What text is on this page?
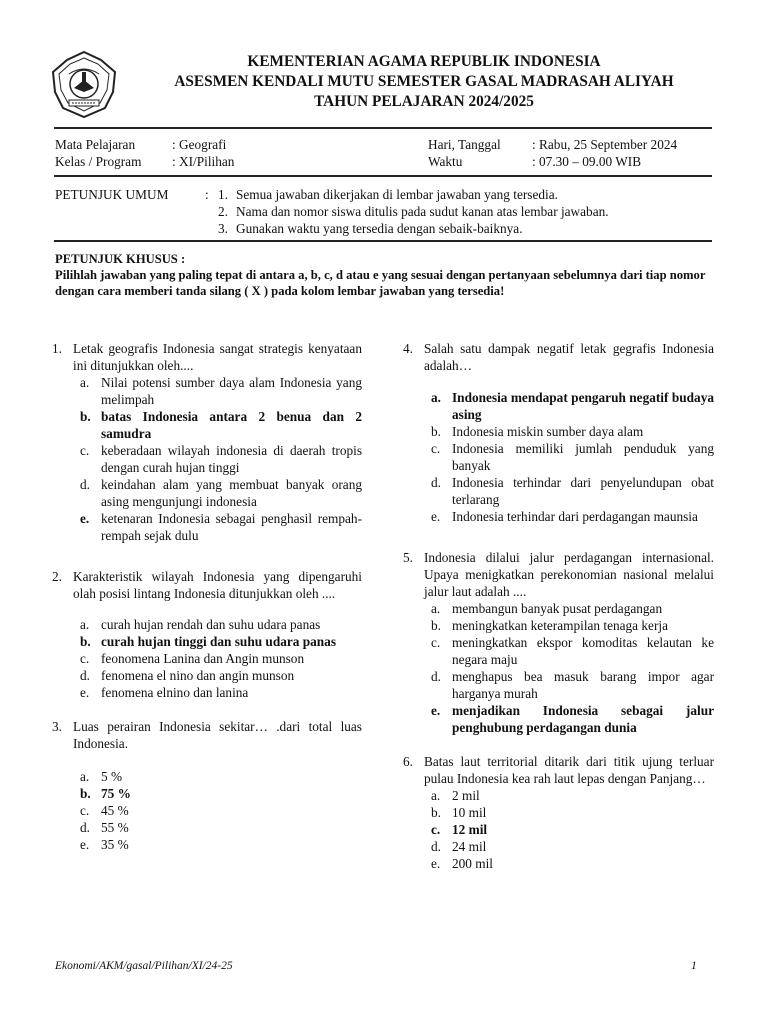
KEMENTERIAN AGAMA REPUBLIK INDONESIA
ASESMEN KENDALI MUTU SEMESTER GASAL MADRASAH ALIYAH
TAHUN PELAJARAN 2024/2025
Mata Pelajaran	: Geografi
Kelas / Program	: XI/Pilihan
Hari, Tanggal	: Rabu, 25 September 2024
Waktu	: 07.30 – 09.00 WIB
PETUNJUK UMUM	: 1. Semua jawaban dikerjakan di lembar jawaban yang tersedia.
2. Nama dan nomor siswa ditulis pada sudut kanan atas lembar jawaban.
3. Gunakan waktu yang tersedia dengan sebaik-baiknya.
PETUNJUK KHUSUS :
Pilihlah jawaban yang paling tepat di antara a, b, c, d atau e yang sesuai dengan pertanyaan sebelumnya dari tiap nomor dengan cara memberi tanda silang ( X ) pada kolom lembar jawaban yang tersedia!
1. Letak geografis Indonesia sangat strategis kenyataan ini ditunjukkan oleh....
a. Nilai potensi sumber daya alam Indonesia yang melimpah
b. batas Indonesia antara 2 benua dan 2 samudra
c. keberadaan wilayah indonesia di daerah tropis dengan curah hujan tinggi
d. keindahan alam yang membuat banyak orang asing mengunjungi indonesia
e. ketenaran Indonesia sebagai penghasil rempah-rempah sejak dulu
2. Karakteristik wilayah Indonesia yang dipengaruhi olah posisi lintang Indonesia ditunjukkan oleh ....
a. curah hujan rendah dan suhu udara panas
b. curah hujan tinggi dan suhu udara panas
c. feonomena Lanina dan Angin munson
d. fenomena el nino dan angin munson
e. fenomena elnino dan lanina
3. Luas perairan Indonesia sekitar… .dari total luas Indonesia.
a. 5 %
b. 75 %
c. 45 %
d. 55 %
e. 35 %
4. Salah satu dampak negatif letak gegrafis Indonesia adalah…
a. Indonesia mendapat pengaruh negatif budaya asing
b. Indonesia miskin sumber daya alam
c. Indonesia memiliki jumlah penduduk yang banyak
d. Indonesia terhindar dari penyelundupan obat terlarang
e. Indonesia terhindar dari perdagangan maunsia
5. Indonesia dilalui jalur perdagangan internasional. Upaya menigkatkan perekonomian nasional melalui jalur laut adalah ....
a. membangun banyak pusat perdagangan
b. meningkatkan keterampilan tenaga kerja
c. meningkatkan ekspor komoditas kelautan ke negara maju
d. menghapus bea masuk barang impor agar harganya murah
e. menjadikan Indonesia sebagai jalur penghubung perdagangan dunia
6. Batas laut territorial ditarik dari titik ujung terluar pulau Indonesia kea rah laut lepas dengan Panjang…
a. 2 mil
b. 10 mil
c. 12 mil
d. 24 mil
e. 200 mil
Ekonomi/AKM/gasal/Pilihan/XI/24-25	1
